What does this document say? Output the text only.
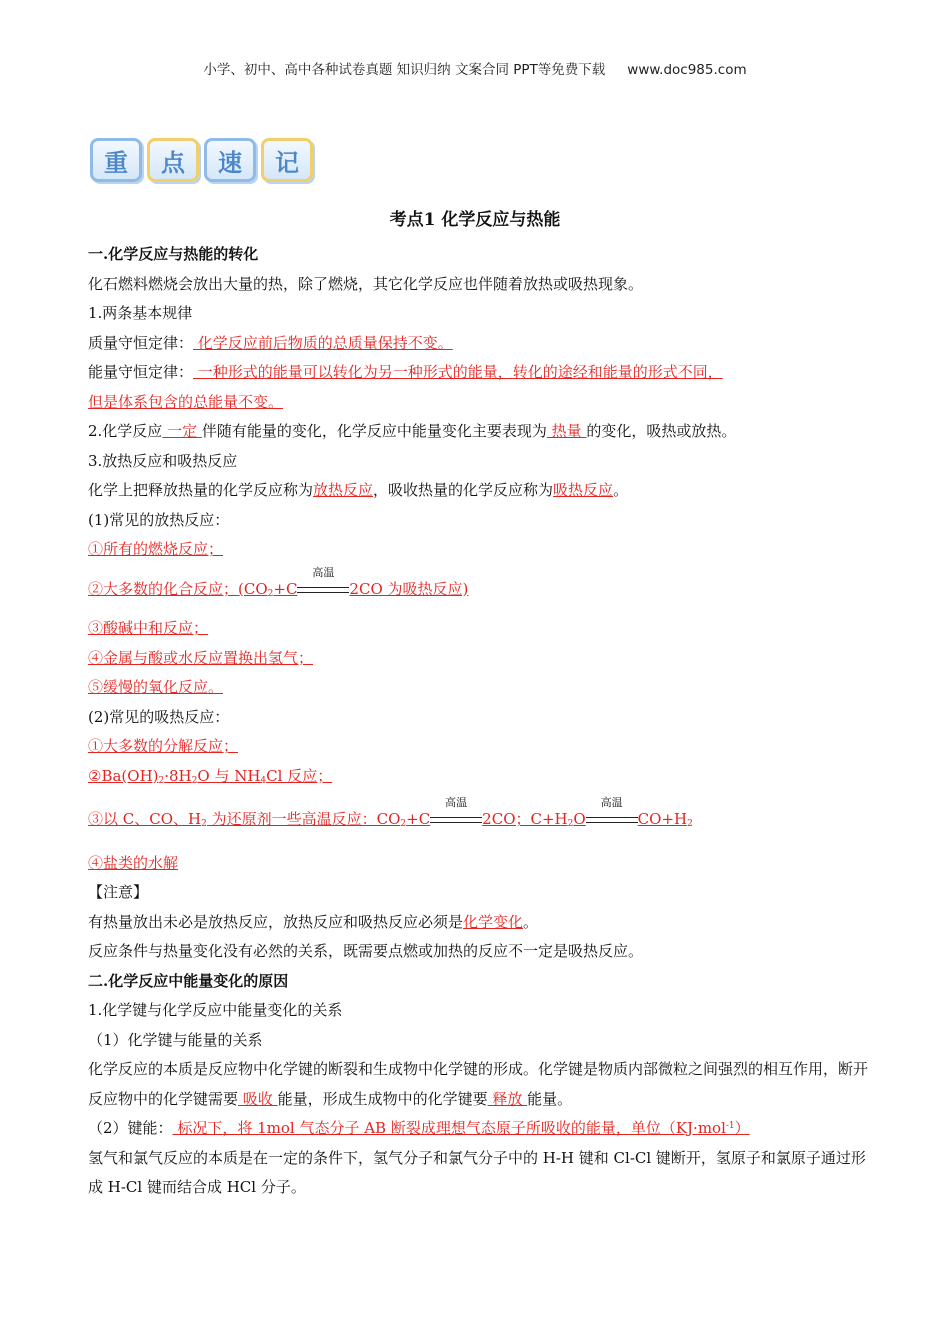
小学、初中、高中各种试卷真题 知识归纳 文案合同 PPT等免费下载 www.doc985.com
重	点	速	记
考点1 化学反应与热能

一.化学反应与热能的转化

化石燃料燃烧会放出大量的热，除了燃烧，其它化学反应也伴随着放热或吸热现象。

1.两条基本规律

质量守恒定律： 化学反应前后物质的总质量保持不变。

能量守恒定律： 一种形式的能量可以转化为另一种形式的能量，转化的途经和能量的形式不同，

但是体系包含的总能量不变。

2.化学反应 一定 伴随有能量的变化，化学反应中能量变化主要表现为 热量 的变化，吸热或放热。

3.放热反应和吸热反应

化学上把释放热量的化学反应称为放热反应，吸收热量的化学反应称为吸热反应。

(1)常见的放热反应：

①所有的燃烧反应；

②大多数的化合反应；($CO_2+C$
高温
2CO 为吸热反应)

③酸碱中和反应；

④金属与酸或水反应置换出氢气；

⑤缓慢的氧化反应。

(2)常见的吸热反应：

①大多数的分解反应；

$②Ba(OH)_2\cdot 8H_2O$ 与 $NH_4Cl$ 反应；

③以 C、CO、$H_2$ 为还原剂一些高温反应：$CO_2+C$
高温
2CO；$C+H_2O$
高温
$CO+H_2$

④盐类的水解

【注意】

有热量放出未必是放热反应，放热反应和吸热反应必须是化学变化。

反应条件与热量变化没有必然的关系，既需要点燃或加热的反应不一定是吸热反应。

二.化学反应中能量变化的原因

1.化学键与化学反应中能量变化的关系

（1）化学键与能量的关系

化学反应的本质是反应物中化学键的断裂和生成物中化学键的形成。化学键是物质内部微粒之间强烈的相互作用，断开反应物中的化学键需要 吸收 能量，形成生成物中的化学键要 释放 能量。

（2）键能： 标况下，将 1mol 气态分子 AB 断裂成理想气态原子所吸收的能量，单位（KJ·mol$^{-1}$）

氢气和氯气反应的本质是在一定的条件下，氢气分子和氯气分子中的 H-H 键和 Cl-Cl 键断开，氢原子和氯原子通过形成 H-Cl 键而结合成 HCl 分子。
